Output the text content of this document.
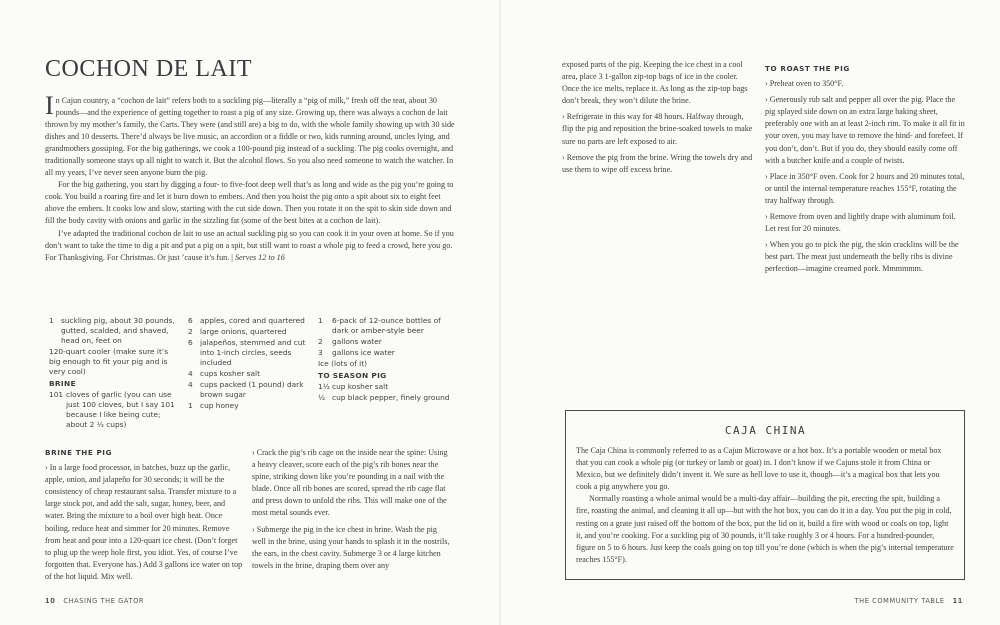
COCHON DE LAIT

In Cajun country, a “cochon de lait” refers both to a suckling pig—literally a “pig of milk,” fresh off the teat, about 30 pounds—and the experience of getting together to roast a pig of any size. Growing up, there was always a cochon de lait thrown by my mother’s family, the Carts. They were (and still are) a big to do, with the whole family showing up with 30 side dishes and 10 desserts. There’d always be live music, an accordion or a fiddle or two, kids running around, uncles lying, and grandmothers gossiping. For the big gatherings, we cook a 100-pound pig instead of a suckling. The pig cooks overnight, and traditionally someone stays up all night to watch it. But the alcohol flows. So you also need someone to watch the watcher. In all my years, I’ve never seen anyone burn the pig.

For the big gathering, you start by digging a four- to five-foot deep well that’s as long and wide as the pig you’re going to cook. You build a roaring fire and let it burn down to embers. And then you hoist the pig onto a spit about six to eight feet above the embers. It cooks low and slow, starting with the cut side down. Then you rotate it on the spit to skin side down and fill the body cavity with onions and garlic in the sizzling fat (some of the best bites at a cochon de lait).

I’ve adapted the traditional cochon de lait to use an actual suckling pig so you can cook it in your oven at home. So if you don’t want to take the time to dig a pit and put a pig on a spit, but still want to roast a whole pig to feed a crowd, here you go. For Thanksgiving. For Christmas. Or just ’cause it’s fun. | Serves 12 to 16

1 suckling pig, about 30 pounds, gutted, scalded, and shaved, head on, feet on
120-quart cooler (make sure it’s big enough to fit your pig and is very cool)
BRINE
101 cloves of garlic (you can use just 100 cloves, but I say 101 because I like being cute; about 2 ½ cups)
6 apples, cored and quartered
2 large onions, quartered
6 jalapeños, stemmed and cut into 1-inch circles, seeds included
4 cups kosher salt
4 cups packed (1 pound) dark brown sugar
1 cup honey
1	6-pack of 12-ounce bottles of dark or amber-style beer
2	gallons water
3	gallons ice water
Ice (lots of it)
TO SEASON PIG
1½ cup kosher salt
½ cup black pepper, finely ground
BRINE THE PIG

› In a large food processor, in batches, buzz up the garlic, apple, onion, and jalapeño for 30 seconds; it will be the consistency of cheap restaurant salsa. Transfer mixture to a large stock pot, and add the salt, sugar, honey, beer, and water. Bring the mixture to a boil over high heat. Once boiling, reduce heat and simmer for 20 minutes. Remove from heat and pour into a 120-quart ice chest. (Don’t forget to plug up the weep hole first, you idiot. Yes, of course I’ve forgotten that. Everyone has.) Add 3 gallons ice water on top of the hot liquid. Mix well.

› Crack the pig’s rib cage on the inside near the spine: Using a heavy cleaver, score each of the pig’s rib bones near the spine, striking down like you’re pounding in a nail with the blade. Once all rib bones are scored, spread the rib cage flat and press down to unfold the ribs. This will make one of the most metal sounds ever.

› Submerge the pig in the ice chest in brine. Wash the pig well in the brine, using your hands to splash it in the nostrils, the ears, in the chest cavity. Submerge 3 or 4 large kitchen towels in the brine, draping them over any

10 CHASING THE GATOR

exposed parts of the pig. Keeping the ice chest in a cool area, place 3 1-gallon zip-top bags of ice in the cooler. Once the ice melts, replace it. As long as the zip-top bags don’t break, they won’t dilute the brine.

› Refrigerate in this way for 48 hours. Halfway through, flip the pig and reposition the brine-soaked towels to make sure no parts are left exposed to air.

› Remove the pig from the brine. Wring the towels dry and use them to wipe off excess brine.

TO ROAST THE PIG

› Preheat oven to 350°F.

› Generously rub salt and pepper all over the pig. Place the pig splayed side down on an extra large baking sheet, preferably one with an at least 2-inch rim. To make it all fit in your oven, you may have to remove the hind- and forefeet. If you don’t, don’t. But if you do, they should easily come off with a butcher knife and a couple of twists.

› Place in 350°F oven. Cook for 2 hours and 20 minutes total, or until the internal temperature reaches 155°F, rotating the tray halfway through.

› Remove from oven and lightly drape with aluminum foil. Let rest for 20 minutes.

› When you go to pick the pig, the skin cracklins will be the best part. The meat just underneath the belly ribs is divine perfection—imagine creamed pork. Mmmmmm.

CAJA CHINA

The Caja China is commonly referred to as a Cajun Microwave or a hot box. It’s a portable wooden or metal box that you can cook a whole pig (or turkey or lamb or goat) in. I don’t know if we Cajuns stole it from China or Mexico, but we definitely didn’t invent it. We sure as hell love to use it, though—it’s a magical box that lets you cook a pig anywhere you go.

Normally roasting a whole animal would be a multi-day affair—building the pit, erecting the spit, building a fire, roasting the animal, and cleaning it all up—but with the hot box, you can do it in a day. You put the pig in cold, resting on a grate just raised off the bottom of the box, put the lid on it, build a fire with wood or coals on top, light it, and you’re cooking. For a suckling pig of 30 pounds, it’ll take roughly 3 or 4 hours. For a hundred-pounder, figure on 5 to 6 hours. Just keep the coals going on top till you’re done (which is when the pig’s internal temperature reaches 155°F).

THE COMMUNITY TABLE 11
